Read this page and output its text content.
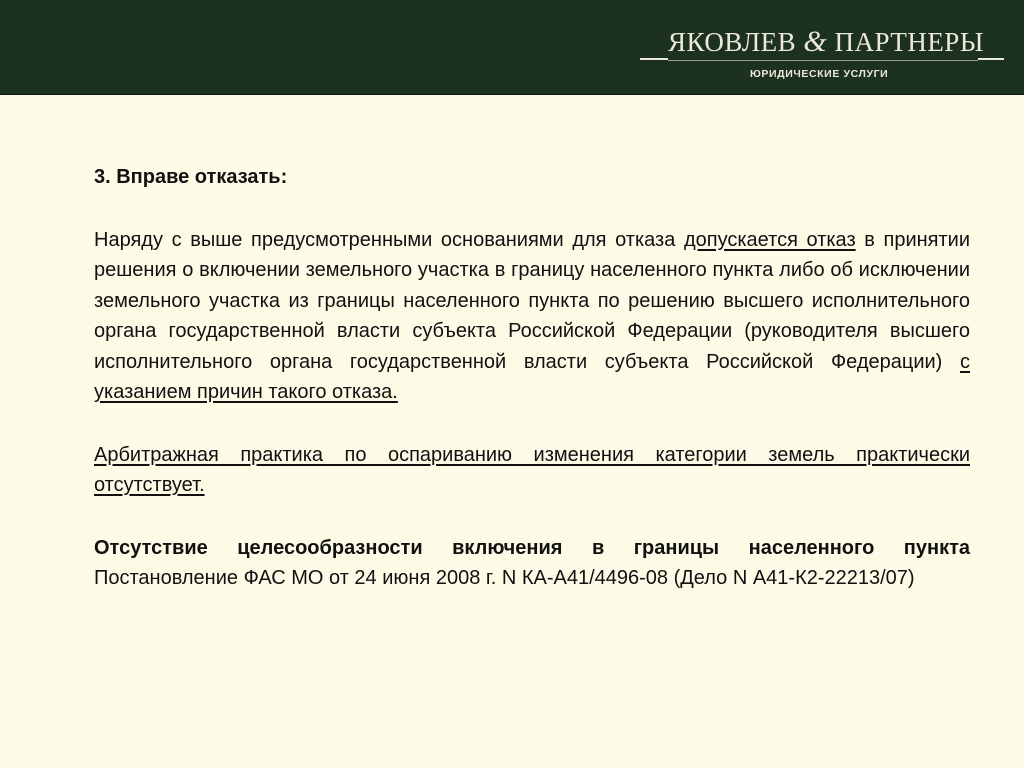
ЯКОВЛЕВ & ПАРТНЕРЫ
ЮРИДИЧЕСКИЕ УСЛУГИ

3. Вправе отказать:

Наряду с выше предусмотренными основаниями для отказа допускается отказ в принятии решения о включении земельного участка в границу населенного пункта либо об исключении земельного участка из границы населенного пункта по решению высшего исполнительного органа государственной власти субъекта Российской Федерации (руководителя высшего исполнительного органа государственной власти субъекта Российской Федерации) с указанием причин такого отказа.

Арбитражная практика по оспариванию изменения категории земель практически отсутствует.

Отсутствие целесообразности включения в границы населенного пункта Постановление ФАС МО от 24 июня 2008 г. N КА-А41/4496-08 (Дело N А41-К2-22213/07)
